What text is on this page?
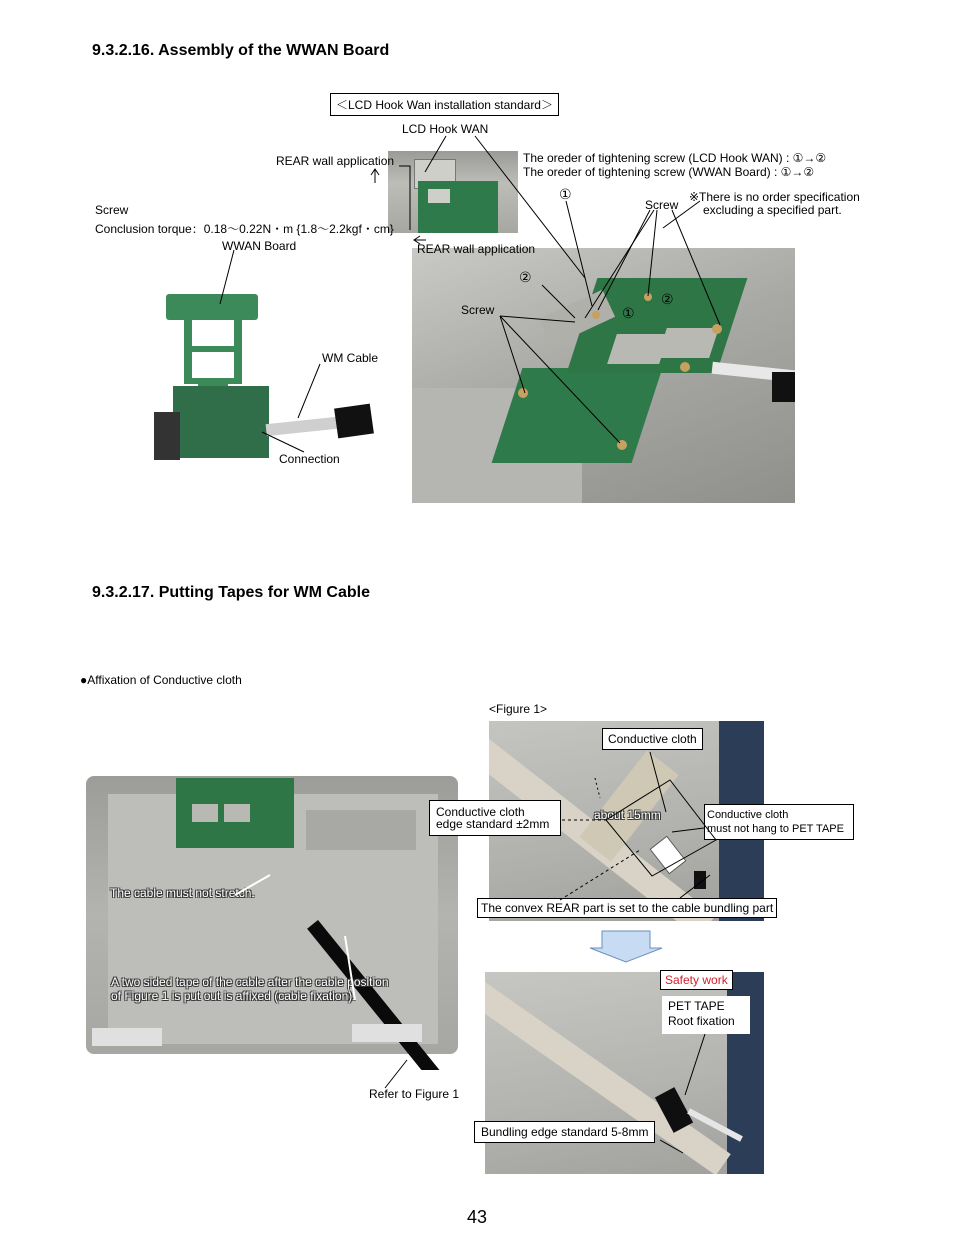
9.3.2.16. Assembly of the WWAN Board
＜LCD Hook Wan installation standard＞
LCD Hook WAN
REAR wall application	The oreder of tightening screw (LCD Hook WAN) : ①→②
The oreder of tightening screw (WWAN Board) : ①→②
Screw
Conclusion torque：0.18～0.22N・m {1.8～2.2kgf・cm}
WWAN Board	REAR wall application
Screw
※There is no order specification
excluding a specified part.
①
②
①
②
Screw
WM Cable
Connection
9.3.2.17. Putting Tapes for WM Cable
●Affixation of Conductive cloth
<Figure 1>
Conductive cloth
Conductive cloth
edge standard ±2mm
about 15mm	Conductive cloth
must not hang to PET TAPE
The convex REAR part is set to the cable bundling part
The cable must not stretch.
A two sided tape of the cable after the cable position
of Figure 1 is put out is affixed (cable fixation).
Refer to Figure 1
Safety work
PET TAPE
Root fixation
Bundling edge standard 5-8mm
43
